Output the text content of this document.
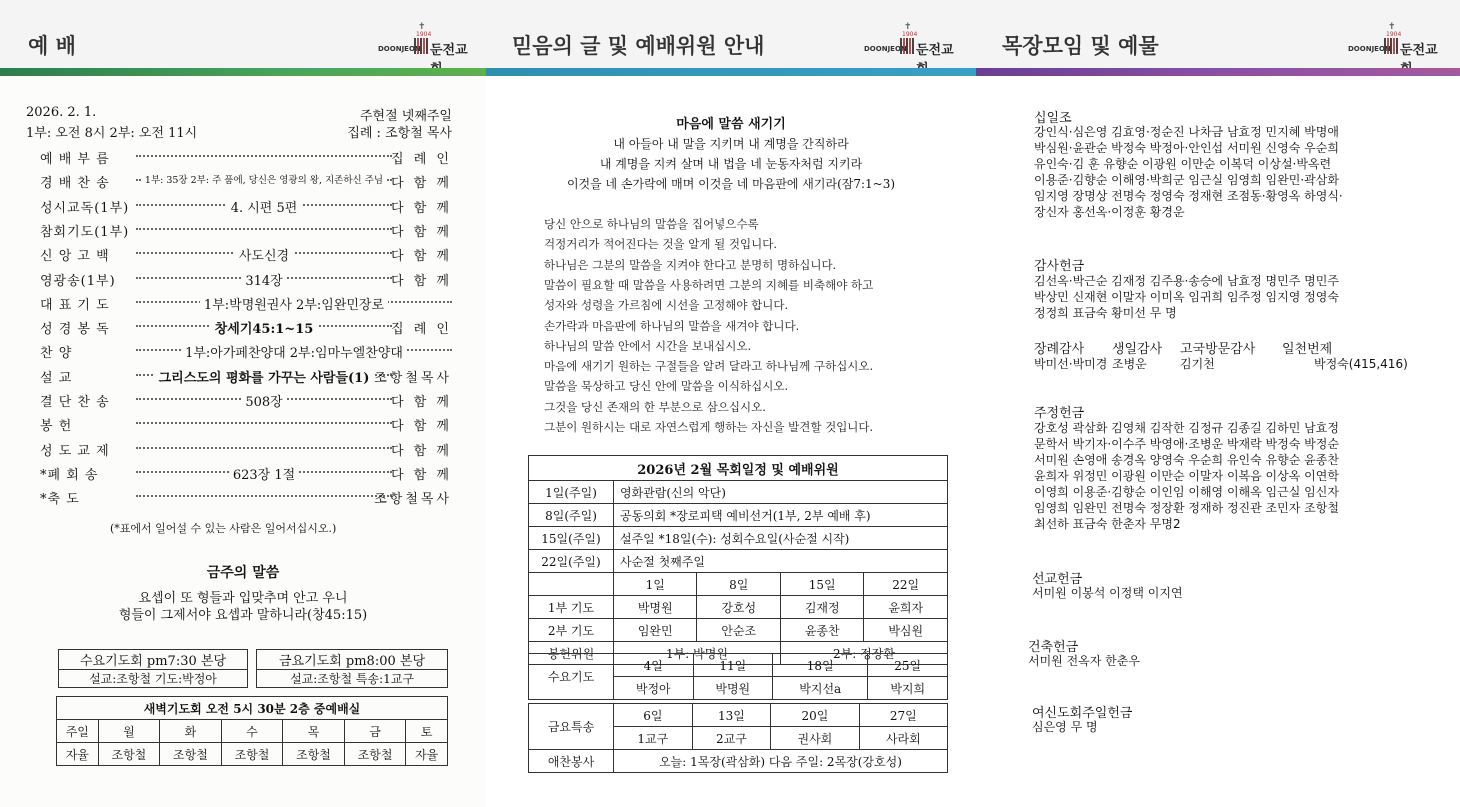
예 배
✝
1904
DOONJEON 둔전교
2026. 2. 1.	주현절 넷째주일
1부: 오전 8시 2부: 오전 11시	집례 : 조항철 목사
예 배 부 름	집 례 인
경 배 찬 송	1부: 35장 2부: 주 품에, 당신은 영광의 왕, 지존하신 주님 다 함 께
성시교독(1부)	4. 시편 5편	다 함 께
참회기도(1부)	다 함 께
신 앙 고 백	사도신경	다 함 께
영광송(1부)	314장	다 함 께
대 표 기 도	1부:박명원권사 2부:임완민장로
성 경 봉 독	창세기45:1~15	집 례 인
찬 양	1부:아가페찬양대 2부:임마누엘찬양대
설 교	그리스도의 평화를 가꾸는 사람들(1) 조항철목사
결 단 찬 송	508장	다 함 께
봉 헌	다 함 께
성 도 교 제	다 함 께
*폐 회 송	623장 1절	다 함 께
*축 도	조항철목사
(*표에서 일어설 수 있는 사람은 일어서십시오.)
금주의 말씀
요셉이 또 형들과 입맞추며 안고 우니
형들이 그제서야 요셉과 말하니라(창45:15)
수요기도회 pm7:30 본당
설교:조항철 기도:박정아
금요기도회 pm8:00 본당
설교:조항철 특송:1교구
새벽기도회 오전 5시 30분 2층 중예배실						
주일	월	화	수	목	금	토
자율	조항철	조항철	조항철	조항철	조항철	자율
믿음의 글 및 예배위원 안내
✝
1904
DOONJEON 둔전교
마음에 말씀 새기기
내 아들아 내 말을 지키며 내 계명을 간직하라
내 계명을 지켜 살며 내 법을 네 눈동자처럼 지키라
이것을 네 손가락에 매며 이것을 네 마음판에 새기라(잠7:1~3)
당신 안으로 하나님의 말씀을 집어넣으수록
걱정거리가 적어진다는 것을 알게 될 것입니다.
하나님은 그분의 말씀을 지켜야 한다고 분명히 명하십니다.
말씀이 필요할 때 말씀을 사용하려면 그분의 지혜를 비축해야 하고
성자와 성령을 가르침에 시선을 고정해야 합니다.
손가락과 마음판에 하나님의 말씀을 새겨야 합니다.
하나님의 말씀 안에서 시간을 보내십시오.
마음에 새기기 원하는 구절들을 알려 달라고 하나님께 구하십시오.
말씀을 묵상하고 당신 안에 말씀을 이식하십시오.
그것을 당신 존재의 한 부분으로 삼으십시오.
그분이 원하시는 대로 자연스럽게 행하는 자신을 발견할 것입니다.
2026년 2월 목회일정 및 예배위원				
1일(주일)	영화관람(신의 악단)			
8일(주일)	공동의회 *장로피택 예비선거(1부, 2부 예배 후)			
15일(주일)	설주일 *18일(수): 성회수요일(사순절 시작)			
22일(주일)	사순절 첫째주일			
	1일	8일	15일	22일
1부 기도	박명원	강호성	김재정	윤희자
2부 기도	임완민	안순조	윤종찬	박심원
봉헌위원	1부: 박명원		2부: 정장환	
수요기도	4일	11일	18일	25일
	박정아	박명원	박지선a	박지희
금요특송	6일	13일	20일	27일
	1교구	2교구	권사회	사라회
애찬봉사	오늘: 1목장(곽삼화) 다음 주일: 2목장(강호성)			
목장모임 및 예물
✝
1904
DOONJEON 둔전교
십일조
강인식·심은영 김효영·정순진 나차금 남효정 민지혜 박명애
박심원·윤관순 박정숙 박정아·안인섭 서미원 신영숙 우순희
유인숙·김 훈 유향순 이광원 이만순 이복덕 이상설·박옥련
이용준·김향순 이해영·박희군 임근실 임영희 임완민·곽삼화
임지영 장명상 전명숙 정영숙 정재현 조점동·황영옥 하영식·
장신자 홍선옥·이정훈 황경운
감사헌금
김선옥·박근순 김재정 김주용·송승에 남효정 명민주 명민주
박상민 신재현 이말자 이미옥 임귀희 임주정 임지영 정영숙
정정희 표금숙 황미선 무 명
장례감사 생일감사 고국방문감사 일천번제
박미선·박미경 조병운	김기천	박정숙(415,416)
주정헌금
강호성 곽삼화 김영채 김작한 김정규 김종길 김하민 남효정
문학서 박기자·이수주 박영애·조병운 박재락 박정숙 박정순
서미원 손영애 송경옥 양영숙 우순희 유인숙 유향순 윤종찬
윤희자 위정민 이광원 이만순 이말자 이복음 이상옥 이연학
이영희 이용준·김향순 이인임 이해영 이해옥 임근실 임신자
임영희 임완민 전명숙 정장환 정재하 정진관 조민자 조항철
최선하 표금숙 한춘자 무명2
선교헌금
서미원 이봉석 이정택 이지연
건축헌금
서미원 전옥자 한춘우
여신도회주일헌금
심은영 무 명
